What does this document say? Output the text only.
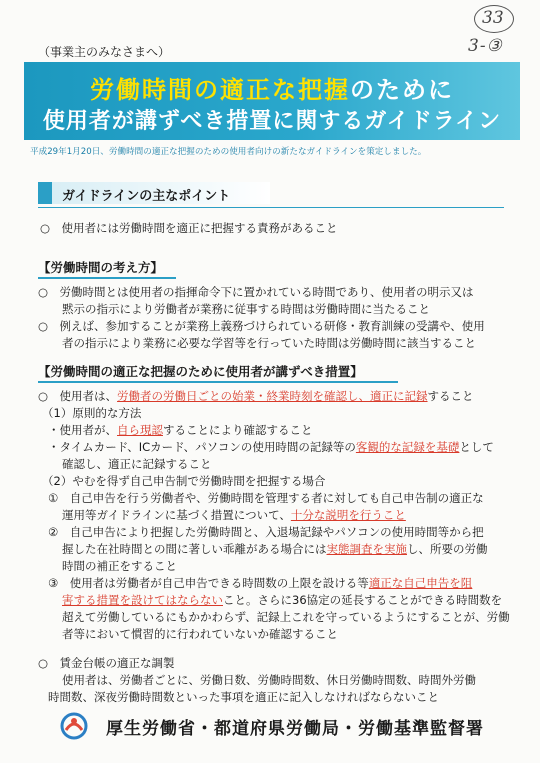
33
3-③
（事業主のみなさまへ）
労働時間の適正な把握のために
使用者が講ずべき措置に関するガイドライン
平成29年1月20日、労働時間の適正な把握のための使用者向けの新たなガイドラインを策定しました。
ガイドラインの主なポイント
○　使用者には労働時間を適正に把握する責務があること
【労働時間の考え方】
○　労働時間とは使用者の指揮命令下に置かれている時間であり、使用者の明示又は
黙示の指示により労働者が業務に従事する時間は労働時間に当たること
○　例えば、参加することが業務上義務づけられている研修・教育訓練の受講や、使用
者の指示により業務に必要な学習等を行っていた時間は労働時間に該当すること
【労働時間の適正な把握のために使用者が講ずべき措置】
○　使用者は、労働者の労働日ごとの始業・終業時刻を確認し、適正に記録すること
（1）原則的な方法
・使用者が、自ら現認することにより確認すること
・タイムカード、ICカード、パソコンの使用時間の記録等の客観的な記録を基礎として
確認し、適正に記録すること
（2）やむを得ず自己申告制で労働時間を把握する場合
①　自己申告を行う労働者や、労働時間を管理する者に対しても自己申告制の適正な
運用等ガイドラインに基づく措置について、十分な説明を行うこと
②　自己申告により把握した労働時間と、入退場記録やパソコンの使用時間等から把
握した在社時間との間に著しい乖離がある場合には実態調査を実施し、所要の労働
時間の補正をすること
③　使用者は労働者が自己申告できる時間数の上限を設ける等適正な自己申告を阻
害する措置を設けてはならないこと。さらに36協定の延長することができる時間数を
超えて労働しているにもかかわらず、記録上これを守っているようにすることが、労働
者等において慣習的に行われていないか確認すること
○　賃金台帳の適正な調製
使用者は、労働者ごとに、労働日数、労働時間数、休日労働時間数、時間外労働
時間数、深夜労働時間数といった事項を適正に記入しなければならないこと
厚生労働省・都道府県労働局・労働基準監督署
